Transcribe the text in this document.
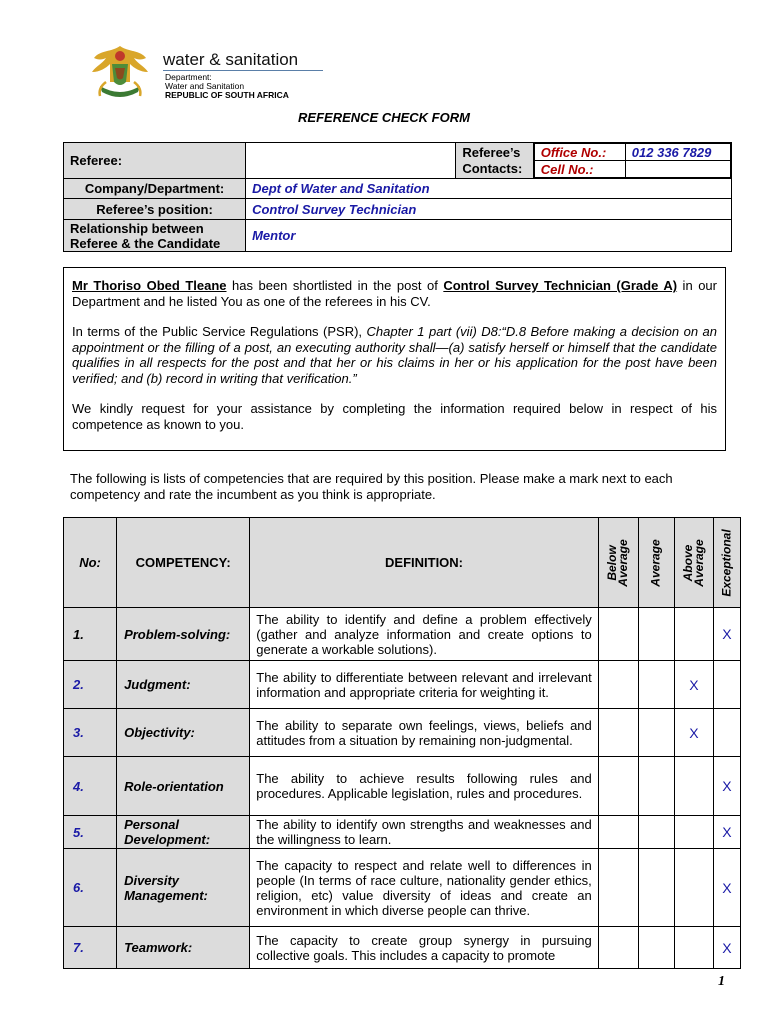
water & sanitation
Department:
Water and Sanitation
REPUBLIC OF SOUTH AFRICA
REFERENCE CHECK FORM
Referee:		Referee’s Contacts:	
Office No.:	012 336 7829
Cell No.:	

Company/Department:	Dept of Water and Sanitation
Referee’s position:	Control Survey Technician

Relationship between
Referee & the Candidate	Mentor

Mr Thoriso Obed Tleane has been shortlisted in the post of Control Survey Technician (Grade A) in our Department and he listed You as one of the referees in his CV.

In terms of the Public Service Regulations (PSR), Chapter 1 part (vii) D8:“D.8 Before making a decision on an appointment or the filling of a post, an executing authority shall—(a) satisfy herself or himself that the candidate qualifies in all respects for the post and that her or his claims in her or his application for the post have been verified; and (b) record in writing that verification.”

We kindly request for your assistance by completing the information required below in respect of his competence as known to you.

The following is lists of competencies that are required by this position. Please make a mark next to each competency and rate the incumbent as you think is appropriate.
No:	COMPETENCY:	DEFINITION:	Below Average	Average	Above Average	Exceptional

1.	Problem-solving:	The ability to identify and define a problem effectively (gather and analyze information and create options to generate a workable solutions).				X
2.	Judgment:	The ability to differentiate between relevant and irrelevant information and appropriate criteria for weighting it.			X	
3.	Objectivity:	The ability to separate own feelings, views, beliefs and attitudes from a situation by remaining non-judgmental.			X	
4.	Role-orientation	The ability to achieve results following rules and procedures. Applicable legislation, rules and procedures.				X
5.	Personal Development:	The ability to identify own strengths and weaknesses and the willingness to learn.				X
6.	Diversity Management:	The capacity to respect and relate well to differences in people (In terms of race culture, nationality gender ethics, religion, etc) value diversity of ideas and create an environment in which diverse people can thrive.				X
7.	Teamwork:	The capacity to create group synergy in pursuing collective goals. This includes a capacity to promote				X
1
